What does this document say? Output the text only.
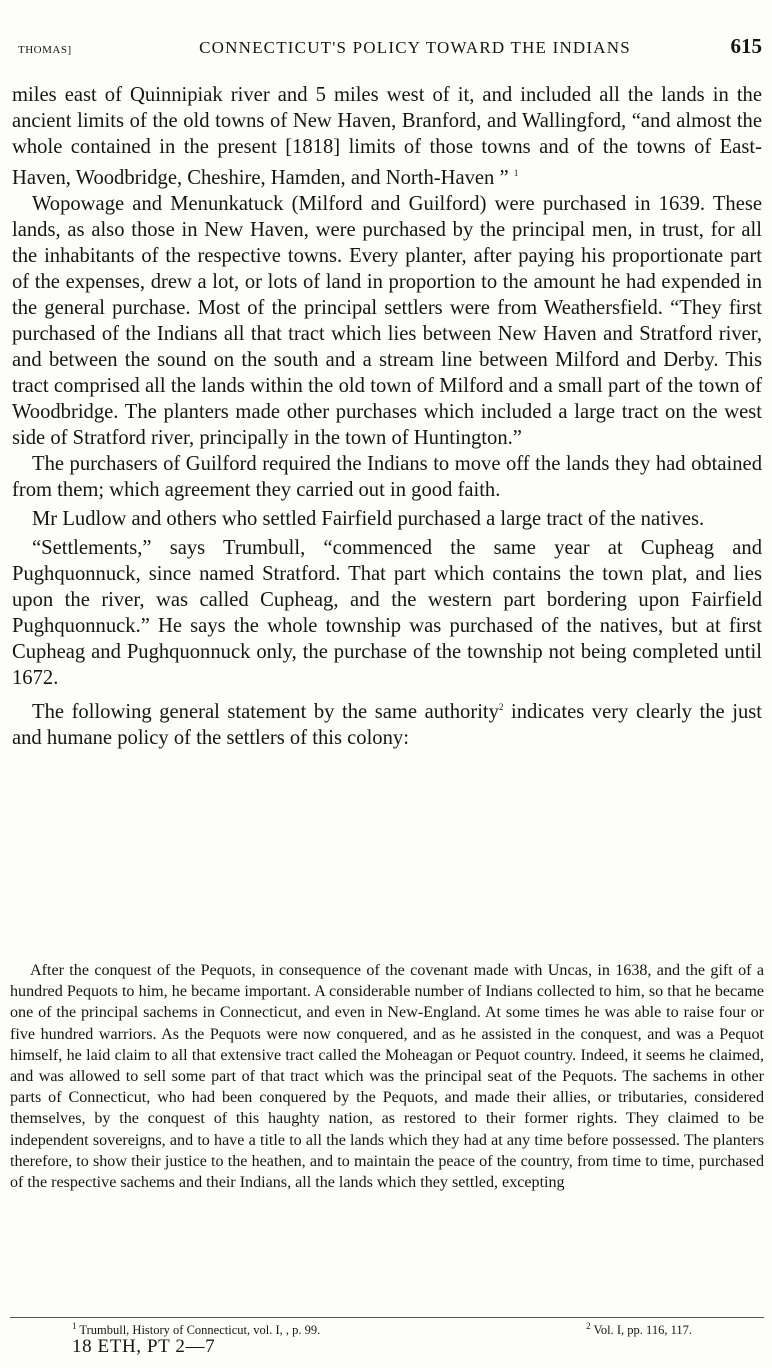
THOMAS]	CONNECTICUT'S POLICY TOWARD THE INDIANS	615

miles east of Quinnipiak river and 5 miles west of it, and included all the lands in the ancient limits of the old towns of New Haven, Branford, and Wallingford, “and almost the whole contained in the present [1818] limits of those towns and of the towns of East-Haven, Woodbridge, Cheshire, Hamden, and North-Haven ” $^1$

Wopowage and Menunkatuck (Milford and Guilford) were purchased in 1639. These lands, as also those in New Haven, were purchased by the principal men, in trust, for all the inhabitants of the respective towns. Every planter, after paying his proportionate part of the expenses, drew a lot, or lots of land in proportion to the amount he had expended in the general purchase. Most of the principal settlers were from Weathersfield. “They first purchased of the Indians all that tract which lies between New Haven and Stratford river, and between the sound on the south and a stream line between Milford and Derby. This tract comprised all the lands within the old town of Milford and a small part of the town of Woodbridge. The planters made other purchases which included a large tract on the west side of Stratford river, principally in the town of Huntington.”

The purchasers of Guilford required the Indians to move off the lands they had obtained from them; which agreement they carried out in good faith.

Mr Ludlow and others who settled Fairfield purchased a large tract of the natives.

“Settlements,” says Trumbull, “commenced the same year at Cupheag and Pughquonnuck, since named Stratford. That part which contains the town plat, and lies upon the river, was called Cupheag, and the western part bordering upon Fairfield Pughquonnuck.” He says the whole township was purchased of the natives, but at first Cupheag and Pughquonnuck only, the purchase of the township not being completed until 1672.

The following general statement by the same authority$^2$ indicates very clearly the just and humane policy of the settlers of this colony:

After the conquest of the Pequots, in consequence of the covenant made with Uncas, in 1638, and the gift of a hundred Pequots to him, he became important. A considerable number of Indians collected to him, so that he became one of the principal sachems in Connecticut, and even in New-England. At some times he was able to raise four or five hundred warriors. As the Pequots were now conquered, and as he assisted in the conquest, and was a Pequot himself, he laid claim to all that extensive tract called the Moheagan or Pequot country. Indeed, it seems he claimed, and was allowed to sell some part of that tract which was the principal seat of the Pequots. The sachems in other parts of Connecticut, who had been conquered by the Pequots, and made their allies, or tributaries, considered themselves, by the conquest of this haughty nation, as restored to their former rights. They claimed to be independent sovereigns, and to have a title to all the lands which they had at any time before possessed. The planters therefore, to show their justice to the heathen, and to maintain the peace of the country, from time to time, purchased of the respective sachems and their Indians, all the lands which they settled, excepting

$^1$ Trumbull, History of Connecticut, vol. I, , p. 99.	$^2$ Vol. I, pp. 116, 117.
18 ETH, PT 2—7
